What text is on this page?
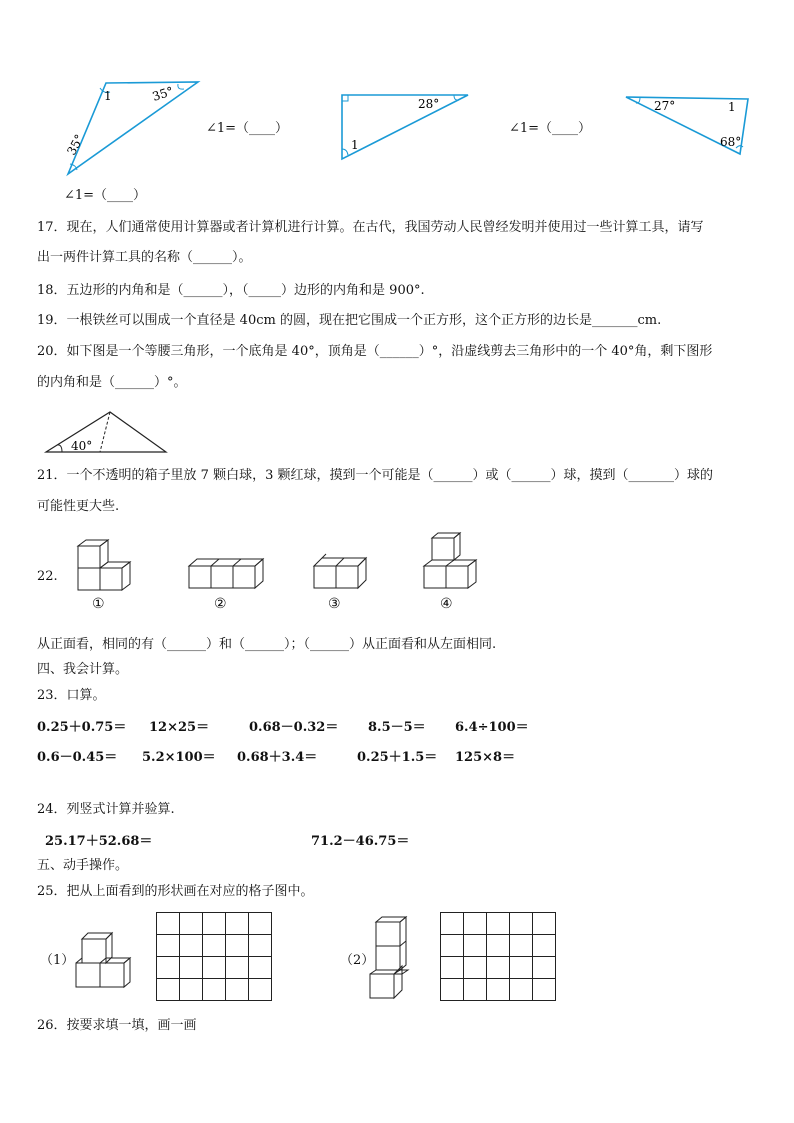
1	35°
35°
28°
1
27°	1
68°
∠1=（____）	∠1=（____）
∠1=（____）
17．现在，人们通常使用计算器或者计算机进行计算。在古代，我国劳动人民曾经发明并使用过一些计算工具，请写
出一两件计算工具的名称（______）。
18．五边形的内角和是（______），（_____）边形的内角和是 900°.
19．一根铁丝可以围成一个直径是 40cm 的圆，现在把它围成一个正方形，这个正方形的边长是_______cm.
20．如下图是一个等腰三角形，一个底角是 40°，顶角是（______）°，沿虚线剪去三角形中的一个 40°角，剩下图形
的内角和是（______）°。
40°
21．一个不透明的箱子里放 7 颗白球，3 颗红球，摸到一个可能是（______）或（______）球，摸到（_______）球的
可能性更大些.
22.
①	②	③	④
从正面看，相同的有（______）和（______）；（______）从正面看和从左面相同.
四、我会计算。
23．口算。
0.25＋0.75＝ 12×25＝	0.68－0.32＝ 8.5－5＝ 6.4÷100＝
0.6－0.45＝ 5.2×100＝ 0.68＋3.4＝	0.25＋1.5＝ 125×8＝
24．列竖式计算并验算.
25.17＋52.68＝	71.2－46.75＝
五、动手操作。
25．把从上面看到的形状画在对应的格子图中。
（1）

					（2）

26．按要求填一填，画一画
